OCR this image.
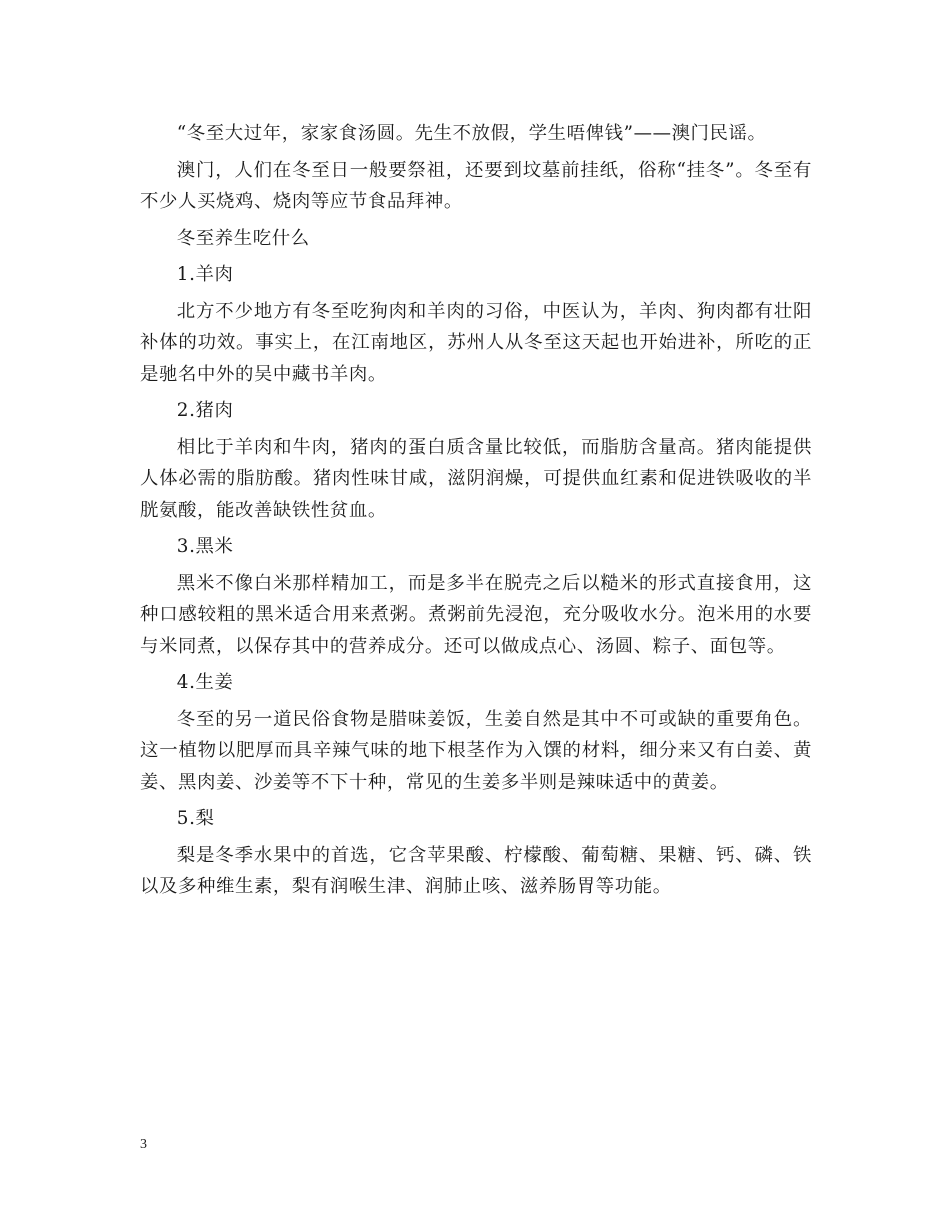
“冬至大过年，家家食汤圆。先生不放假，学生唔俾钱”——澳门民谣。

澳门，人们在冬至日一般要祭祖，还要到坟墓前挂纸，俗称“挂冬”。冬至有不少人买烧鸡、烧肉等应节食品拜神。

冬至养生吃什么

1.羊肉

北方不少地方有冬至吃狗肉和羊肉的习俗，中医认为，羊肉、狗肉都有壮阳补体的功效。事实上，在江南地区，苏州人从冬至这天起也开始进补，所吃的正是驰名中外的吴中藏书羊肉。

2.猪肉

相比于羊肉和牛肉，猪肉的蛋白质含量比较低，而脂肪含量高。猪肉能提供人体必需的脂肪酸。猪肉性味甘咸，滋阴润燥，可提供血红素和促进铁吸收的半胱氨酸，能改善缺铁性贫血。

3.黑米

黑米不像白米那样精加工，而是多半在脱壳之后以糙米的形式直接食用，这种口感较粗的黑米适合用来煮粥。煮粥前先浸泡，充分吸收水分。泡米用的水要与米同煮，以保存其中的营养成分。还可以做成点心、汤圆、粽子、面包等。

4.生姜

冬至的另一道民俗食物是腊味姜饭，生姜自然是其中不可或缺的重要角色。这一植物以肥厚而具辛辣气味的地下根茎作为入馔的材料，细分来又有白姜、黄姜、黑肉姜、沙姜等不下十种，常见的生姜多半则是辣味适中的黄姜。

5.梨

梨是冬季水果中的首选，它含苹果酸、柠檬酸、葡萄糖、果糖、钙、磷、铁以及多种维生素，梨有润喉生津、润肺止咳、滋养肠胃等功能。

3
